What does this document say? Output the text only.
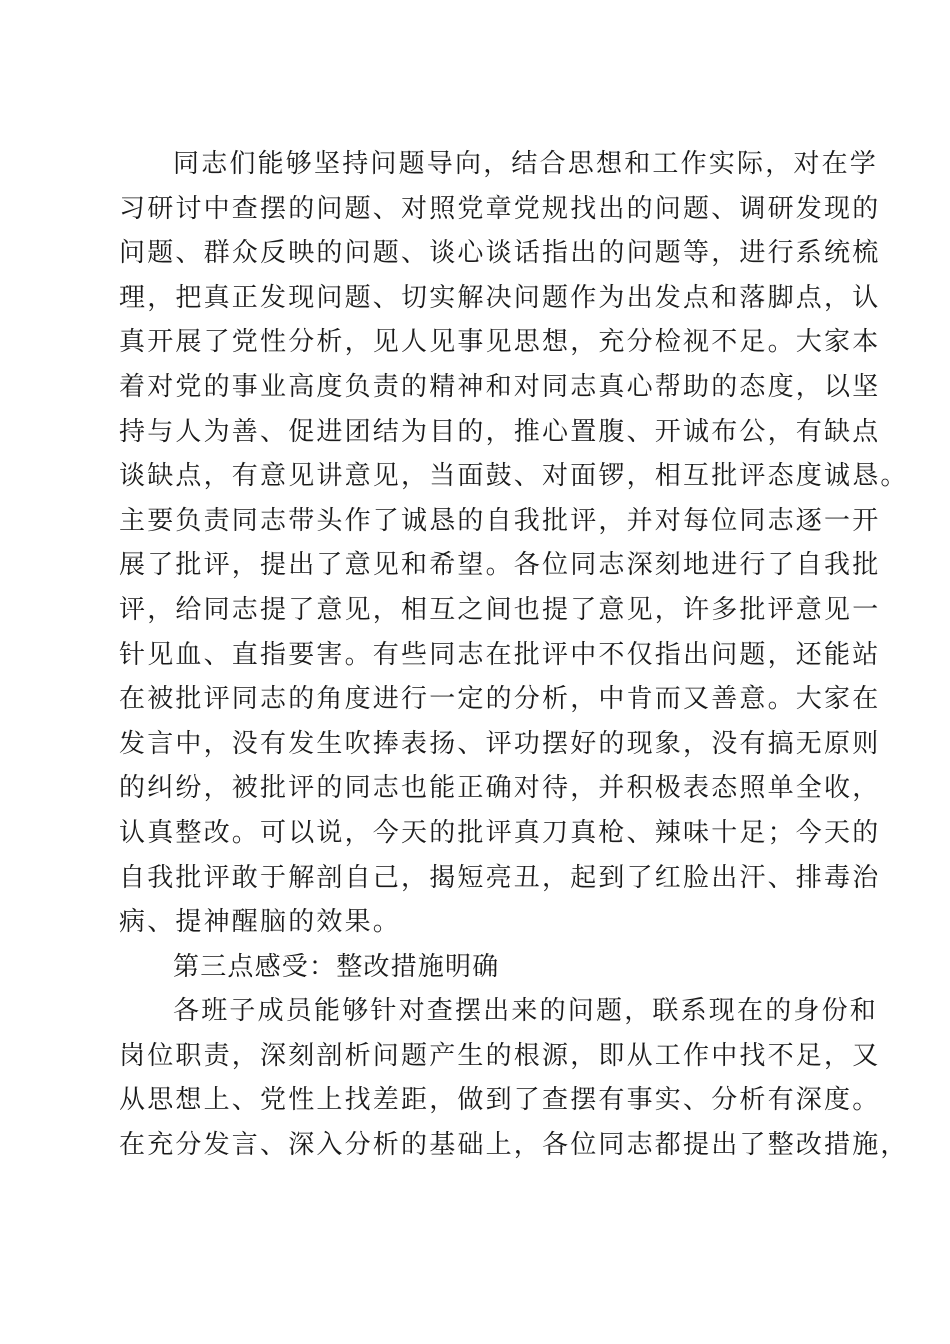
同志们能够坚持问题导向，结合思想和工作实际，对在学
习研讨中查摆的问题、对照党章党规找出的问题、调研发现的
问题、群众反映的问题、谈心谈话指出的问题等，进行系统梳
理，把真正发现问题、切实解决问题作为出发点和落脚点，认
真开展了党性分析，见人见事见思想，充分检视不足。大家本
着对党的事业高度负责的精神和对同志真心帮助的态度，以坚
持与人为善、促进团结为目的，推心置腹、开诚布公，有缺点
谈缺点，有意见讲意见，当面鼓、对面锣，相互批评态度诚恳。
主要负责同志带头作了诚恳的自我批评，并对每位同志逐一开
展了批评，提出了意见和希望。各位同志深刻地进行了自我批
评，给同志提了意见，相互之间也提了意见，许多批评意见一
针见血、直指要害。有些同志在批评中不仅指出问题，还能站
在被批评同志的角度进行一定的分析，中肯而又善意。大家在
发言中，没有发生吹捧表扬、评功摆好的现象，没有搞无原则
的纠纷，被批评的同志也能正确对待，并积极表态照单全收，
认真整改。可以说，今天的批评真刀真枪、辣味十足；今天的
自我批评敢于解剖自己，揭短亮丑，起到了红脸出汗、排毒治
病、提神醒脑的效果。
第三点感受：整改措施明确
各班子成员能够针对查摆出来的问题，联系现在的身份和
岗位职责，深刻剖析问题产生的根源，即从工作中找不足，又
从思想上、党性上找差距，做到了查摆有事实、分析有深度。
在充分发言、深入分析的基础上，各位同志都提出了整改措施，
